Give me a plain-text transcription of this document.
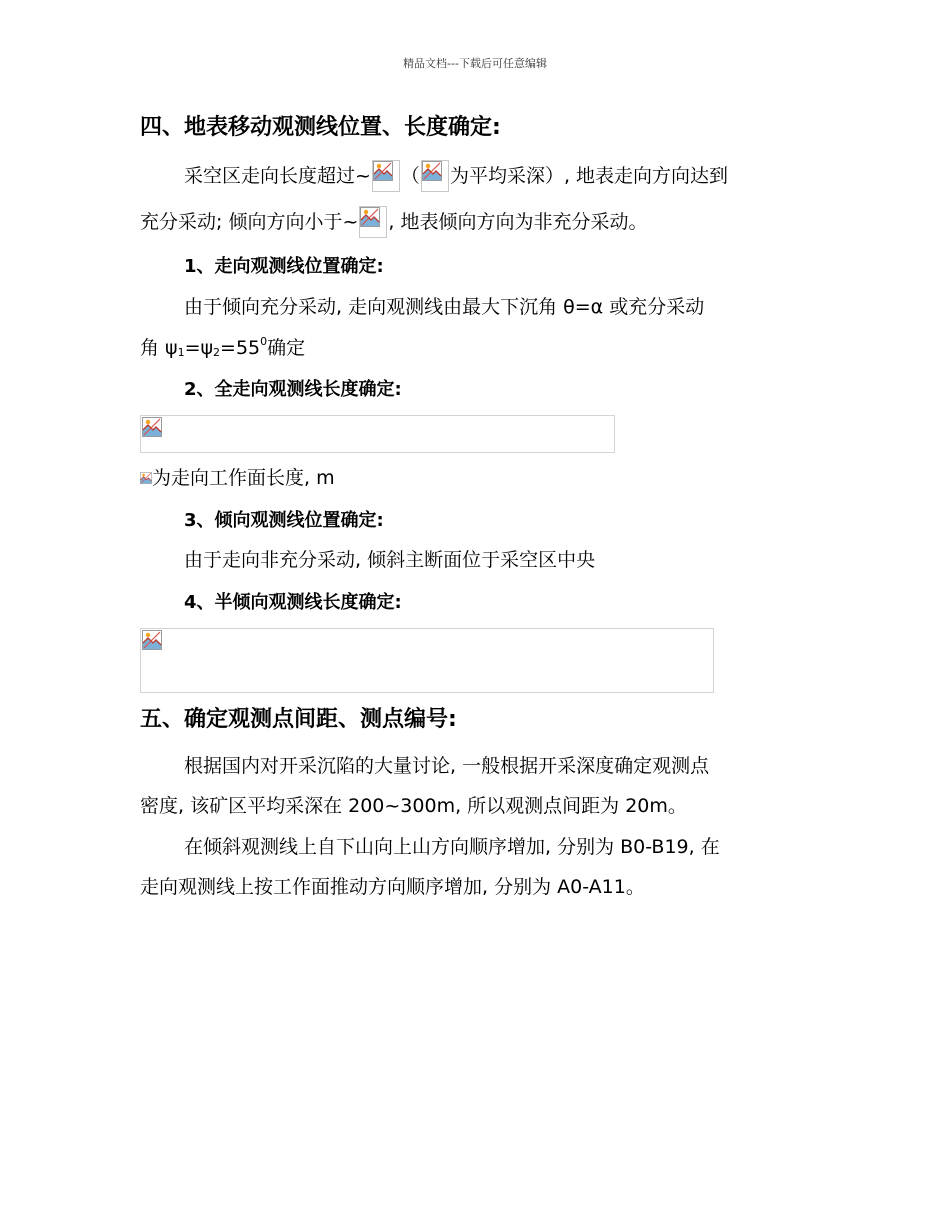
精品文档---下载后可任意编辑
四、地表移动观测线位置、长度确定:
采空区走向长度超过~ （ 为平均采深）, 地表走向方向达到
充分采动; 倾向方向小于~ , 地表倾向方向为非充分采动。
1、走向观测线位置确定:
由于倾向充分采动, 走向观测线由最大下沉角 θ=α 或充分采动
角 $\psi_1=\psi_2=55^0$确定
2、全走向观测线长度确定:
为走向工作面长度, m
3、倾向观测线位置确定:
由于走向非充分采动, 倾斜主断面位于采空区中央
4、半倾向观测线长度确定:
五、确定观测点间距、测点编号:
根据国内对开采沉陷的大量讨论, 一般根据开采深度确定观测点
密度, 该矿区平均采深在 200~300m, 所以观测点间距为 20m。
在倾斜观测线上自下山向上山方向顺序增加, 分别为 B0-B19, 在
走向观测线上按工作面推动方向顺序增加, 分别为 A0-A11。
